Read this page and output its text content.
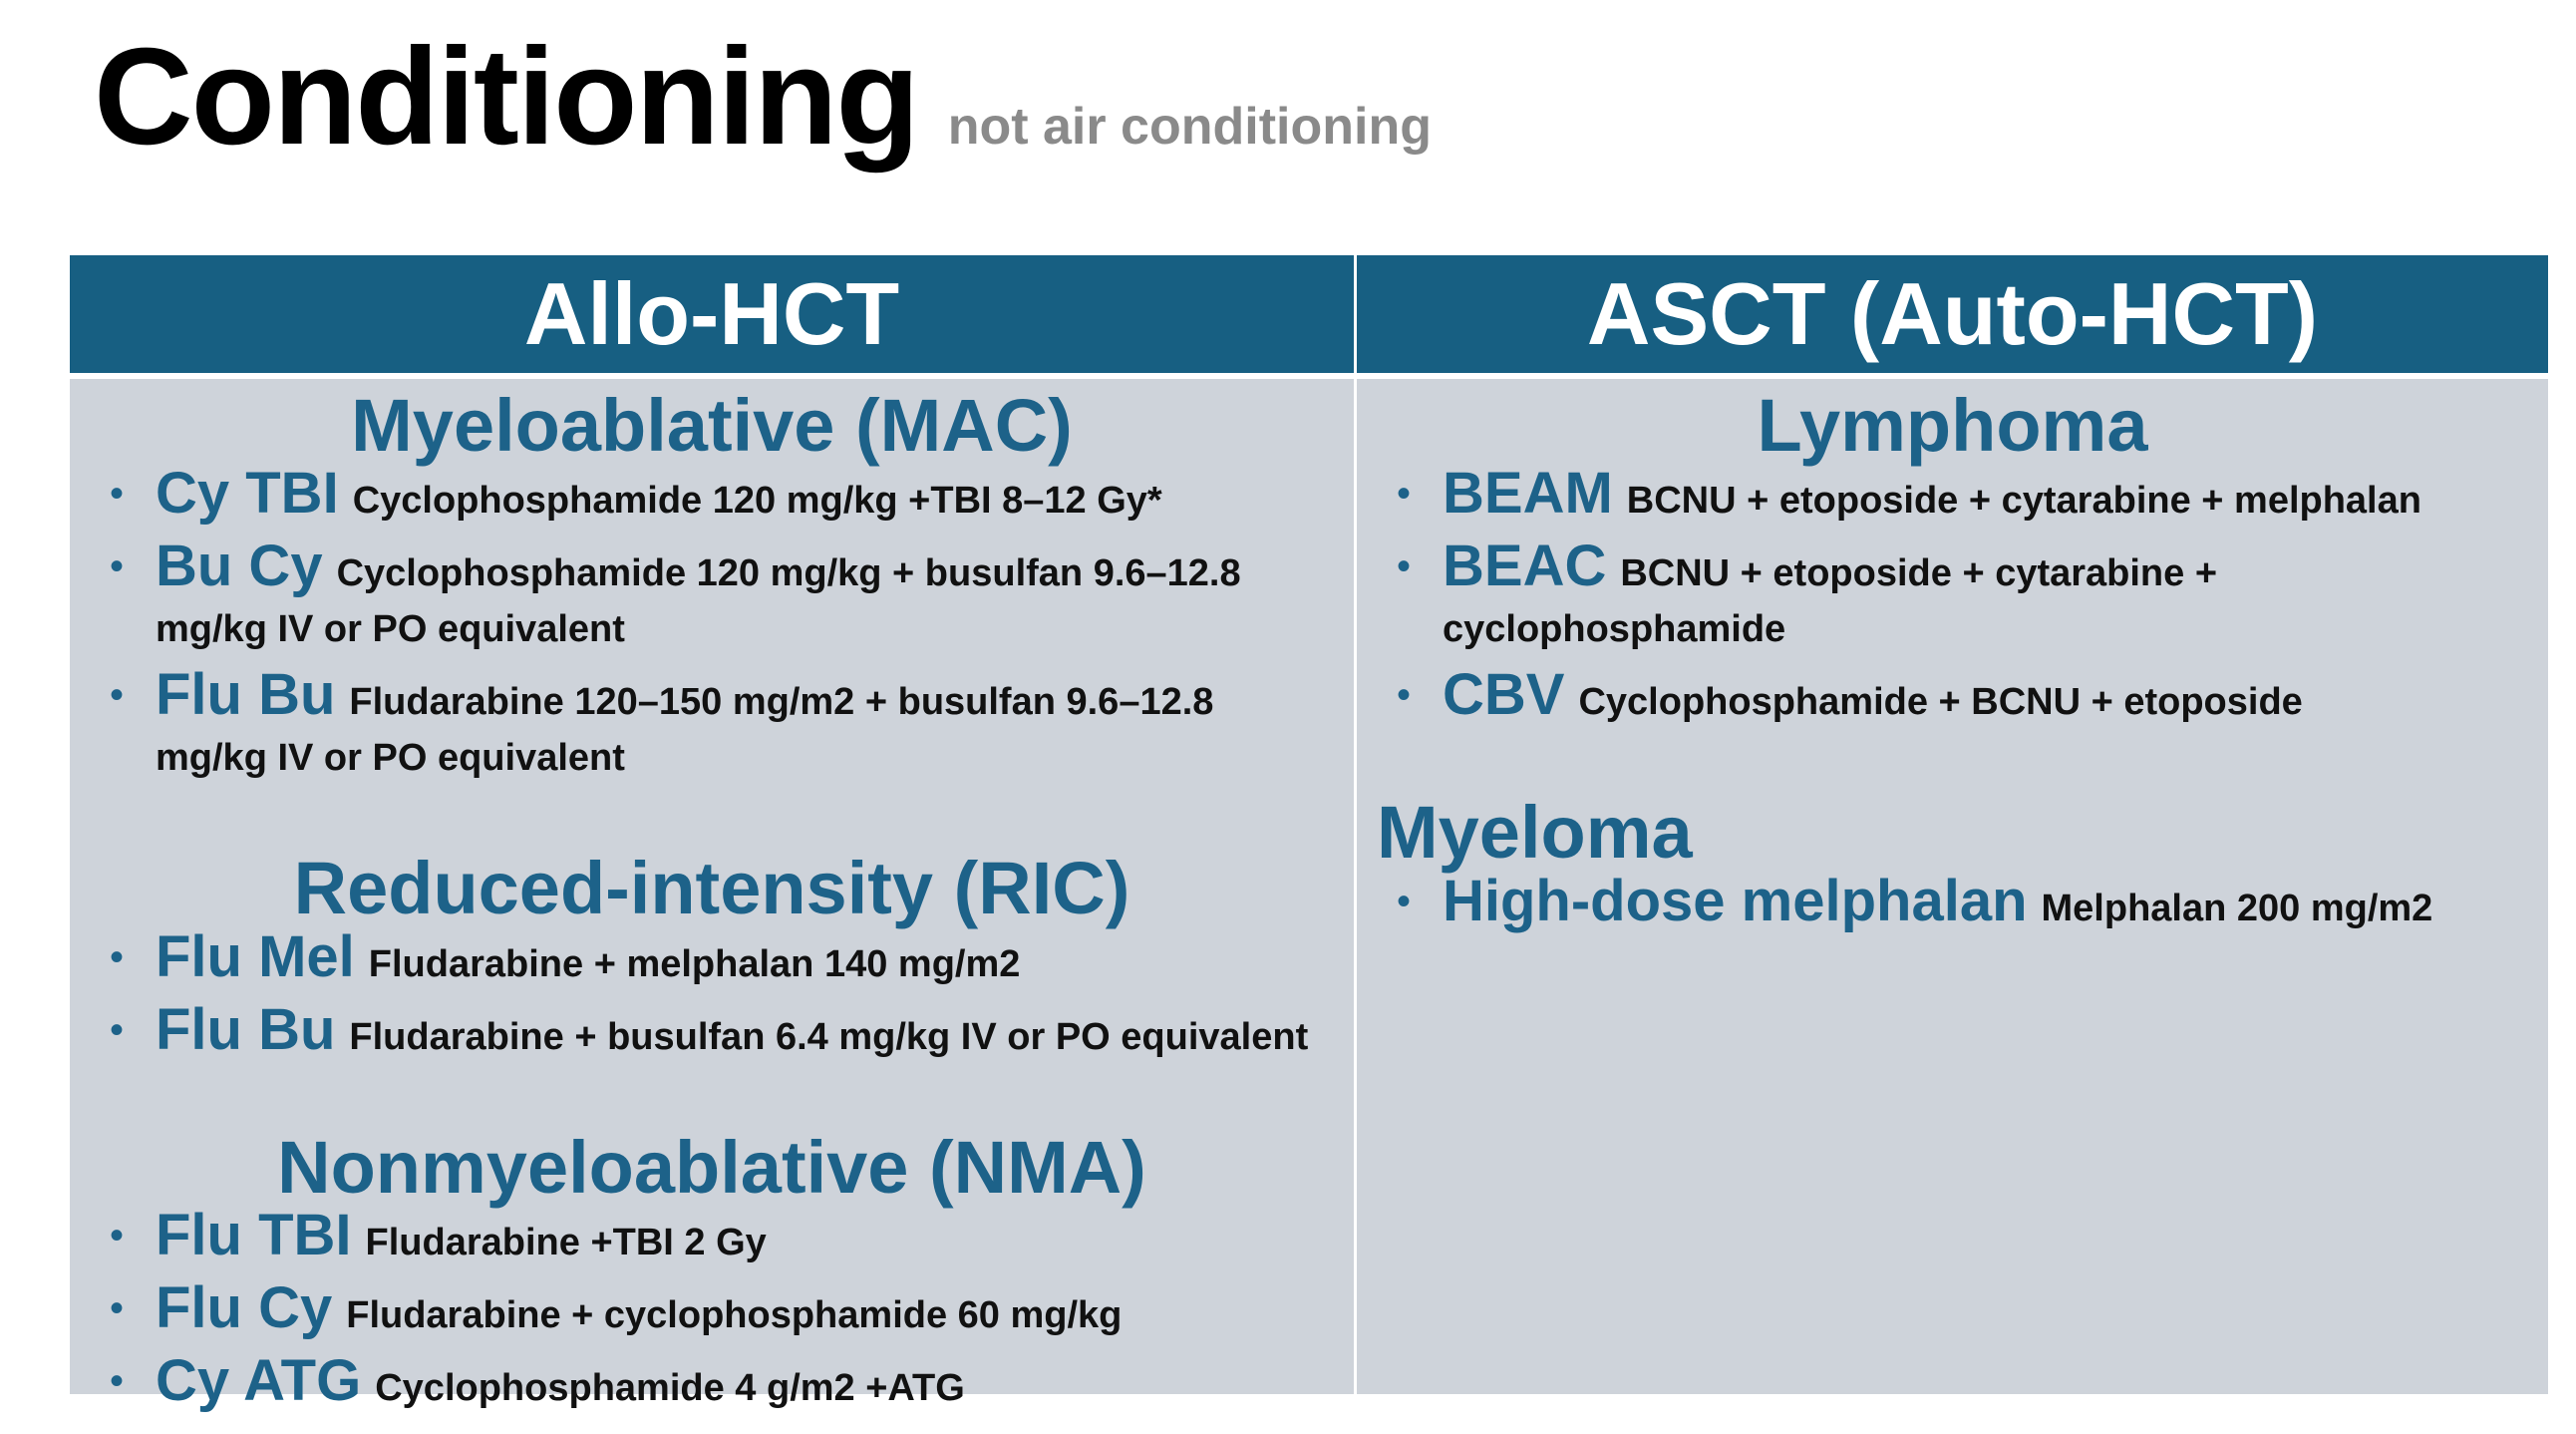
Conditioning not air conditioning
Allo-HCT	ASCT (Auto-HCT)
Myeloablative (MAC)
• Cy TBI Cyclophosphamide 120 mg/kg +TBI 8–12 Gy*
• Bu Cy Cyclophosphamide 120 mg/kg + busulfan 9.6–12.8 mg/kg IV or PO equivalent
• Flu Bu Fludarabine 120–150 mg/m2 + busulfan 9.6–12.8 mg/kg IV or PO equivalent
Reduced-intensity (RIC)
• Flu Mel Fludarabine + melphalan 140 mg/m2
• Flu Bu Fludarabine + busulfan 6.4 mg/kg IV or PO equivalent
Nonmyeloablative (NMA)
• Flu TBI Fludarabine +TBI 2 Gy
• Flu Cy Fludarabine + cyclophosphamide 60 mg/kg
• Cy ATG Cyclophosphamide 4 g/m2 +ATG
Lymphoma
• BEAM BCNU + etoposide + cytarabine + melphalan
• BEAC BCNU + etoposide + cytarabine + cyclophosphamide
• CBV Cyclophosphamide + BCNU + etoposide
Myeloma
• High-dose melphalan Melphalan 200 mg/m2
